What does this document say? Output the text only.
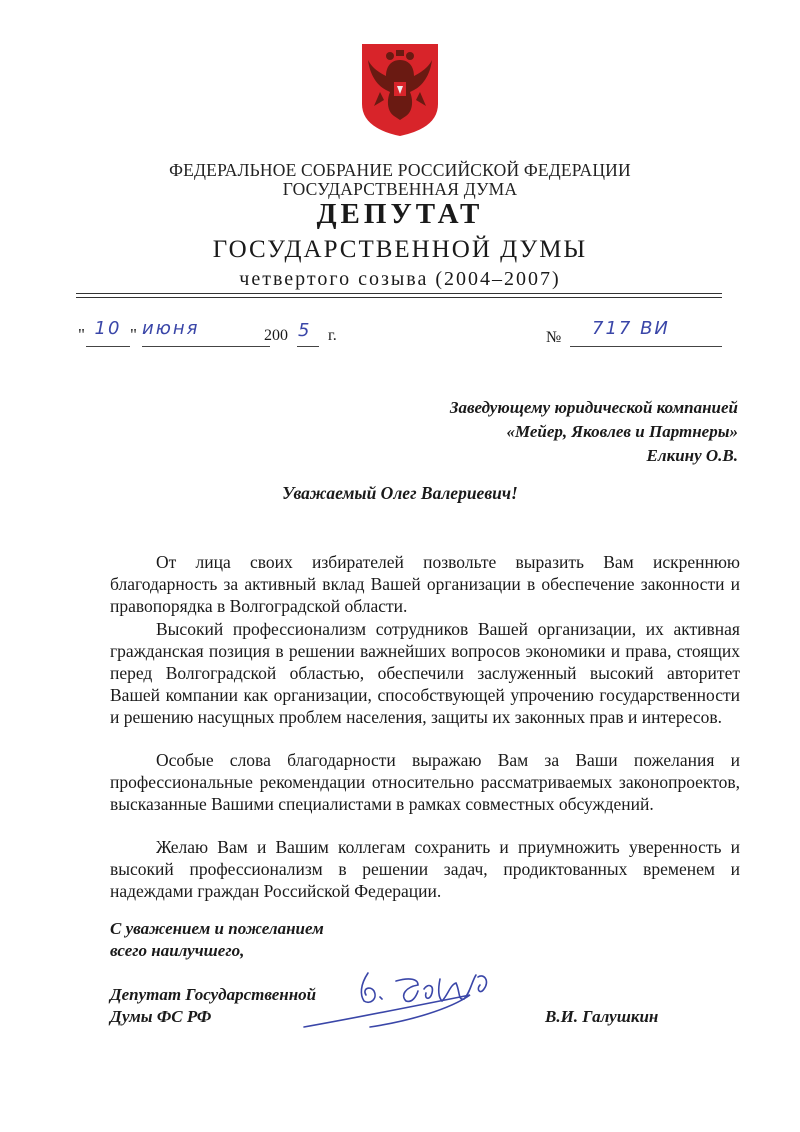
ФЕДЕРАЛЬНОЕ СОБРАНИЕ РОССИЙСКОЙ ФЕДЕРАЦИИ
ГОСУДАРСТВЕННАЯ ДУМА
ДЕПУТАТ
ГОСУДАРСТВЕННОЙ ДУМЫ
четвертого созыва (2004–2007)
" 10 " июня	200 5 г.	№ 717 ВИ
Заведующему юридической компанией
«Мейер, Яковлев и Партнеры»
Елкину О.В.
Уважаемый Олег Валериевич!

От лица своих избирателей позвольте выразить Вам искреннюю благодарность за активный вклад Вашей организации в обеспечение законности и правопорядка в Волгоградской области.

Высокий профессионализм сотрудников Вашей организации, их активная гражданская позиция в решении важнейших вопросов экономики и права, стоящих перед Волгоградской областью, обеспечили заслуженный высокий авторитет Вашей компании как организации, способствующей упрочению государственности и решению насущных проблем населения, защиты их законных прав и интересов.

Особые слова благодарности выражаю Вам за Ваши пожелания и профессиональные рекомендации относительно рассматриваемых законопроектов, высказанные Вашими специалистами в рамках совместных обсуждений.

Желаю Вам и Вашим коллегам сохранить и приумножить уверенность и высокий профессионализм в решении задач, продиктованных временем и надеждами граждан Российской Федерации.

С уважением и пожеланием
всего наилучшего,
Депутат Государственной
Думы ФС РФ	В.И. Галушкин
